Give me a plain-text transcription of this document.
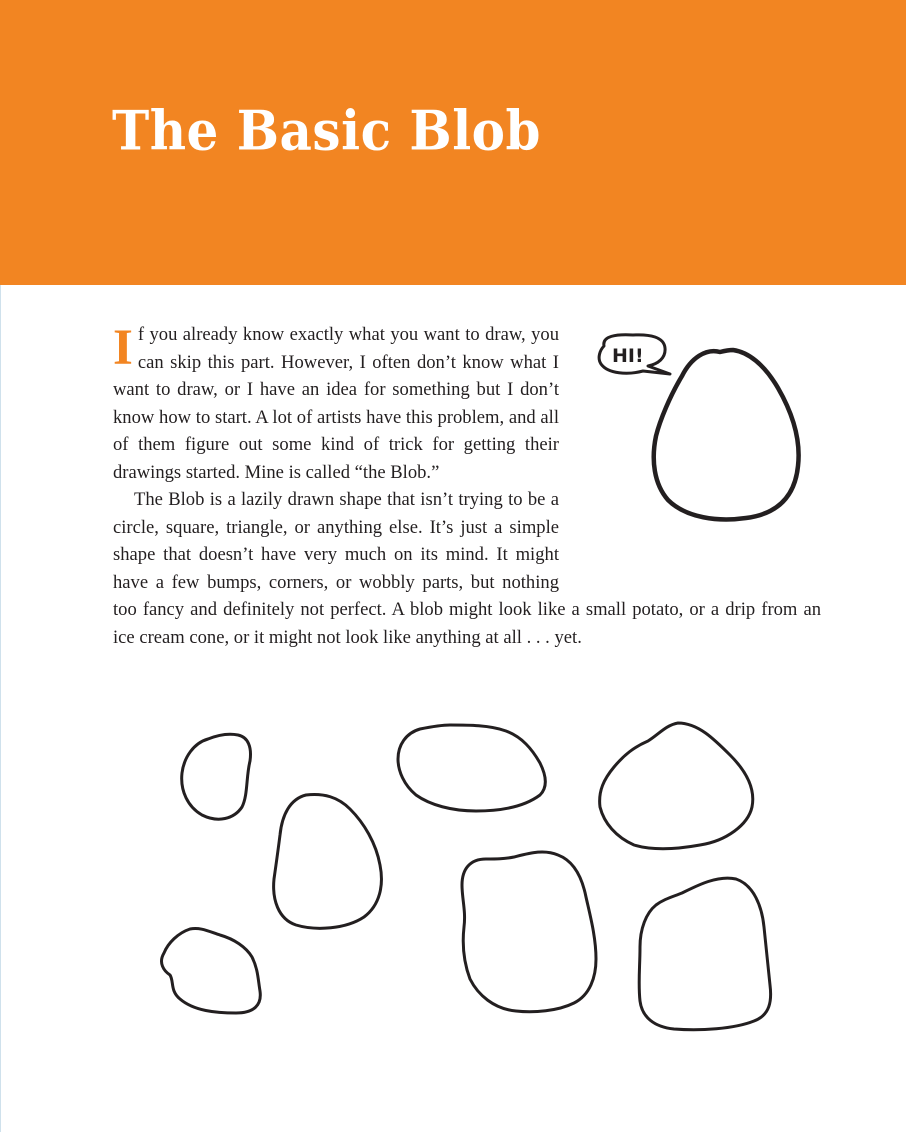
The Basic Blob

If you already know exactly what you want to draw, you can skip this part. However, I often don’t know what I want to draw, or I have an idea for something but I don’t know how to start. A lot of artists have this problem, and all of them figure out some kind of trick for getting their drawings started. Mine is called “the Blob.”

The Blob is a lazily drawn shape that isn’t trying to be a circle, square, triangle, or anything else. It’s just a simple shape that doesn’t have very much on its mind. It might have a few bumps, corners, or wobbly parts, but nothing too fancy and definitely not perfect. A blob might look like a small potato, or a drip from an ice cream cone, or it might not look like anything at all . . . yet.

HI!
